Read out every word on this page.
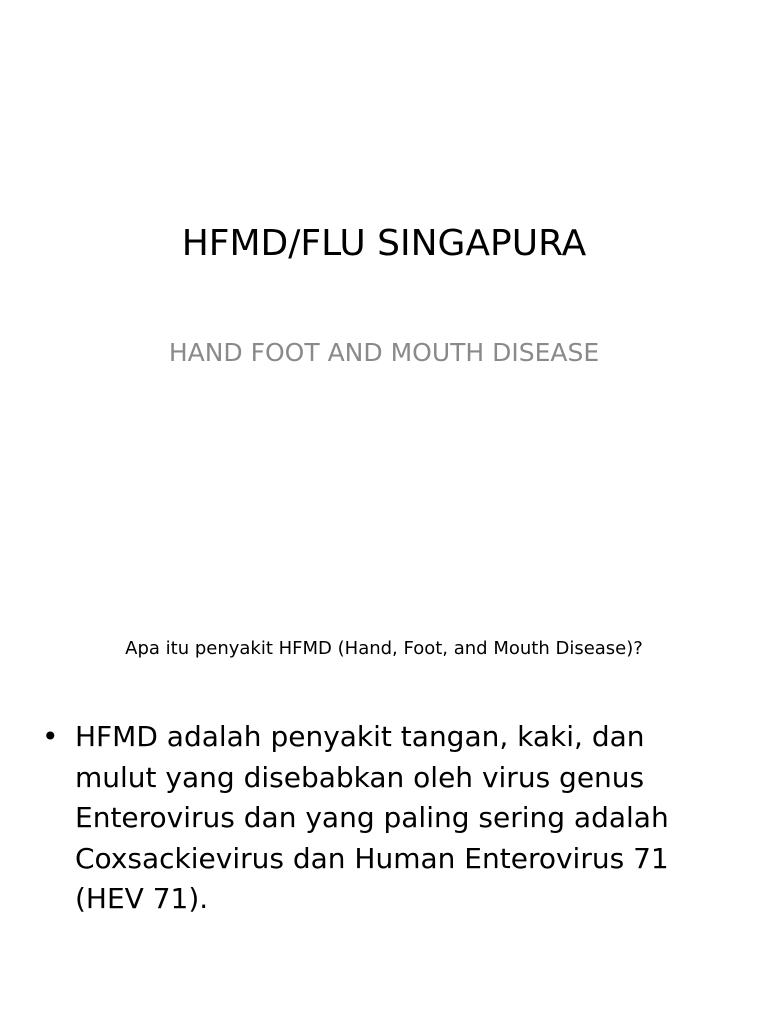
HFMD/FLU SINGAPURA

HAND FOOT AND MOUTH DISEASE

Apa itu penyakit HFMD (Hand, Foot, and Mouth Disease)?

• HFMD adalah penyakit tangan, kaki, dan mulut yang disebabkan oleh virus genus Enterovirus dan yang paling sering adalah Coxsackievirus dan Human Enterovirus 71 (HEV 71).
